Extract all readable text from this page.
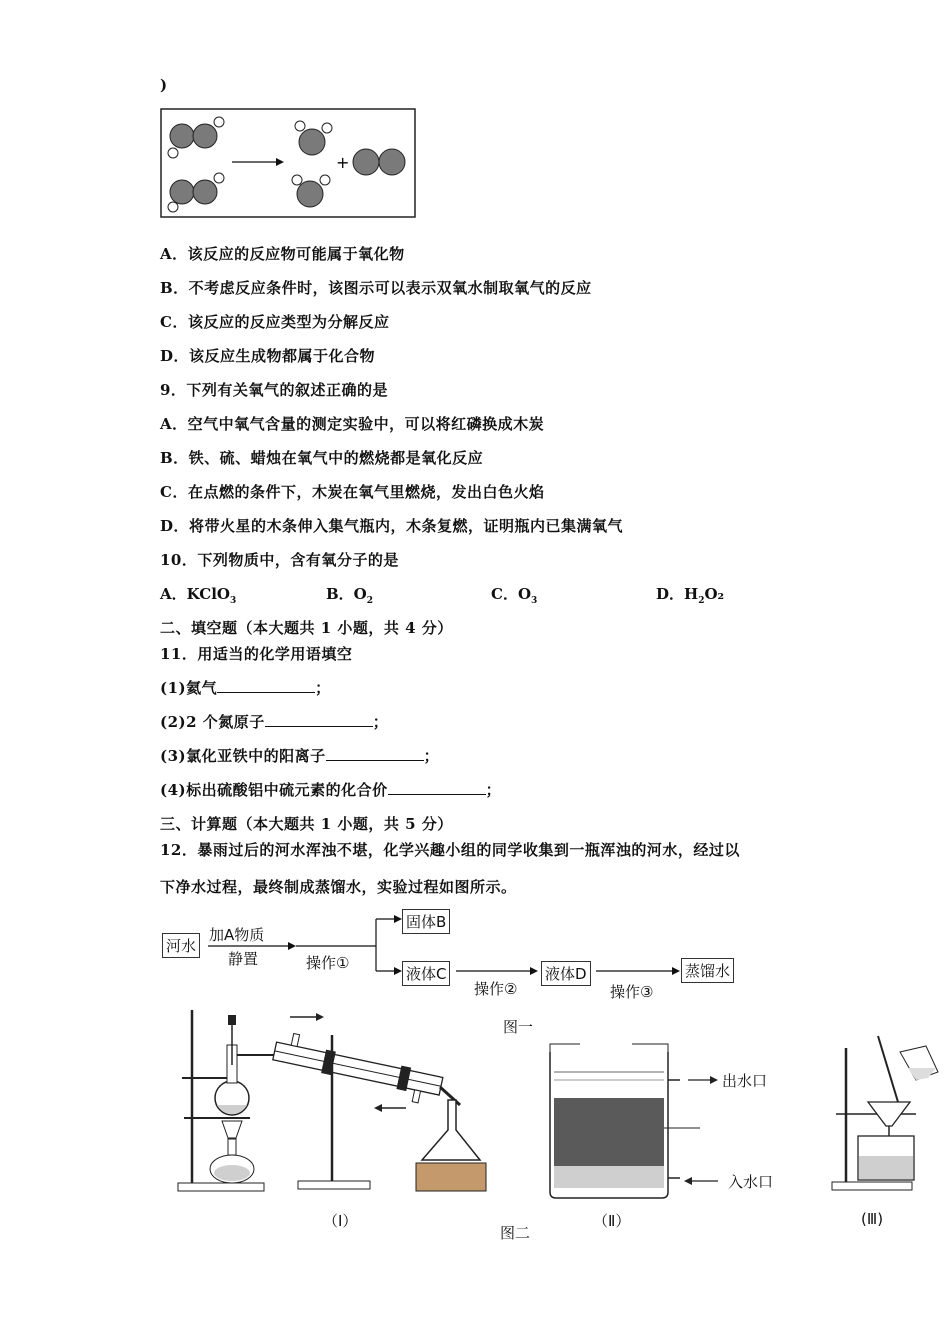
)
+
A．该反应的反应物可能属于氧化物
B．不考虑反应条件时，该图示可以表示双氧水制取氧气的反应
C．该反应的反应类型为分解反应
D．该反应生成物都属于化合物
9．下列有关氧气的叙述正确的是
A．空气中氧气含量的测定实验中，可以将红磷换成木炭
B．铁、硫、蜡烛在氧气中的燃烧都是氧化反应
C．在点燃的条件下，木炭在氧气里燃烧，发出白色火焰
D．将带火星的木条伸入集气瓶内，木条复燃，证明瓶内已集满氧气
10．下列物质中，含有氧分子的是
A．KClO$_3$	B．$O_2$	C．$O_3$	D．$H_2O_2$
二、填空题（本大题共 1 小题，共 4 分）
11．用适当的化学用语填空
(1)氦气	；
(2)2 个氮原子	；
(3)氯化亚铁中的阳离子	；
(4)标出硫酸铝中硫元素的化合价	；
三、计算题（本大题共 1 小题，共 5 分）
12．暴雨过后的河水浑浊不堪，化学兴趣小组的同学收集到一瓶浑浊的河水，经过以
下净水过程，最终制成蒸馏水，实验过程如图所示。
河水
加A物质
静置	操作①
固体B
液体C
操作②
液体D
操作③
蒸馏水
图一
（Ⅰ）
出水口
入水口
（Ⅱ）	(Ⅲ)
图二
